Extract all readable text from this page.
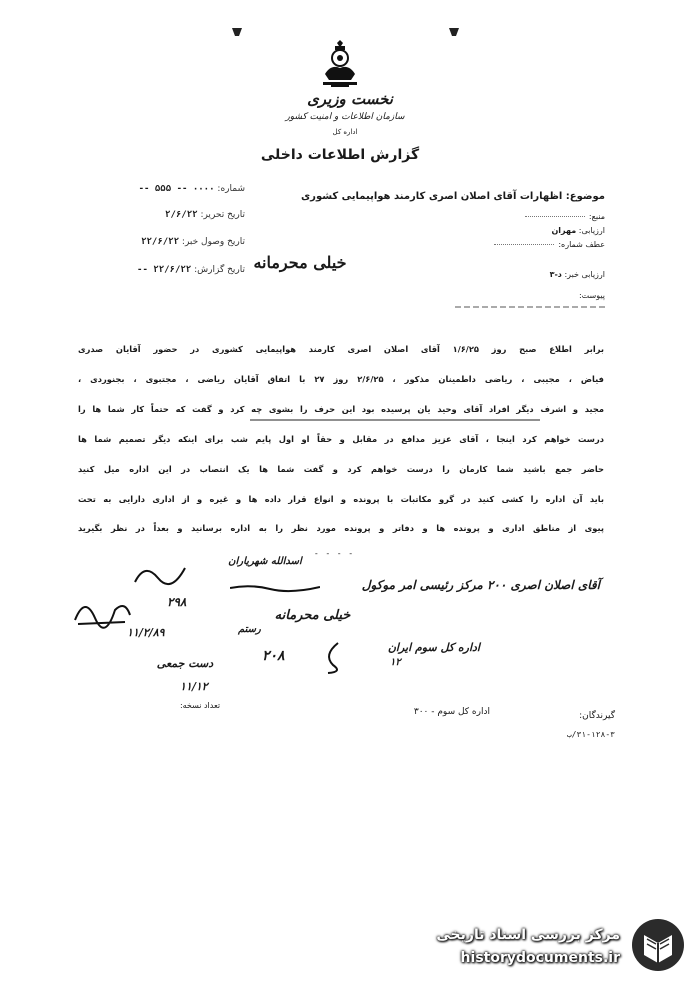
نخست وزیری
سازمان اطلاعات و امنیت کشور
اداره کل
گزارش اطلاعات داخلی
شماره: ۰۰۰۰ -- ۵۵۵ --
تاریخ تحریر: ۲/۶/۲۲
تاریخ وصول خبر: ۲۲/۶/۲۲
تاریخ گزارش: ۲۲/۶/۲۲ --
موضوع: اظهارات آقای اصلان اصری کارمند هواپیمایی کشوری
منبع:
ارزیابی: مهران
عطف شماره:
خیلی محرمانه
ارزیابی خبر: د-۳
پیوست:
برابر اطلاع صبح روز ۱/۶/۲۵ آقای اصلان اصری کارمند هواپیمایی کشوری در حضور آقایان صدری
فیاض ، مجیبی ، ریاضی داطمینان مذکور ، ۲/۶/۲۵ روز ۲۷ با اتفاق آقایان ریاضی ، مجتبوی ، بجنوردی ،
مجید و اشرف دیگر افراد آقای وحید یان پرسیده بود این حرف را بشوی چه کرد و گفت که حتماً کار شما ها را
درست خواهم کرد اینجا ، آقای عزیز مدافع در مقابل و حقاً او اول پایم شب برای اینکه دیگر تصمیم شما ها
حاضر جمع باشید شما کارمان را درست خواهم کرد و گفت شما ها یک انتصاب در این اداره میل کنید
باید آن اداره را کشی کنید در گرو مکاتبات با پرونده و انواع قرار داده ها و غیره و از اداری دارایی به تحت
پیوی از مناطق اداری و پرونده ها و دفاتر و پرونده مورد نظر را به اداره برسانید و بعداً در نظر بگیرید
- - - -
اسدالله شهریاران
آقای اصلان اصری ۲۰۰ مرکز رئیسی امر موکول
۲۹۸
خیلی محرمانه
۱۱/۲/۸۹	رستم
۲۰۸
اداره کل سوم ایران
۱۲
دست جمعی
۱۱/۱۲
تعداد نسخه:
گیرندگان:
اداره کل سوم - ۳۰۰
۳۱-۱۲۸-۳/ب
مرکز بررسی اسناد تاریخی
historydocuments.ir
